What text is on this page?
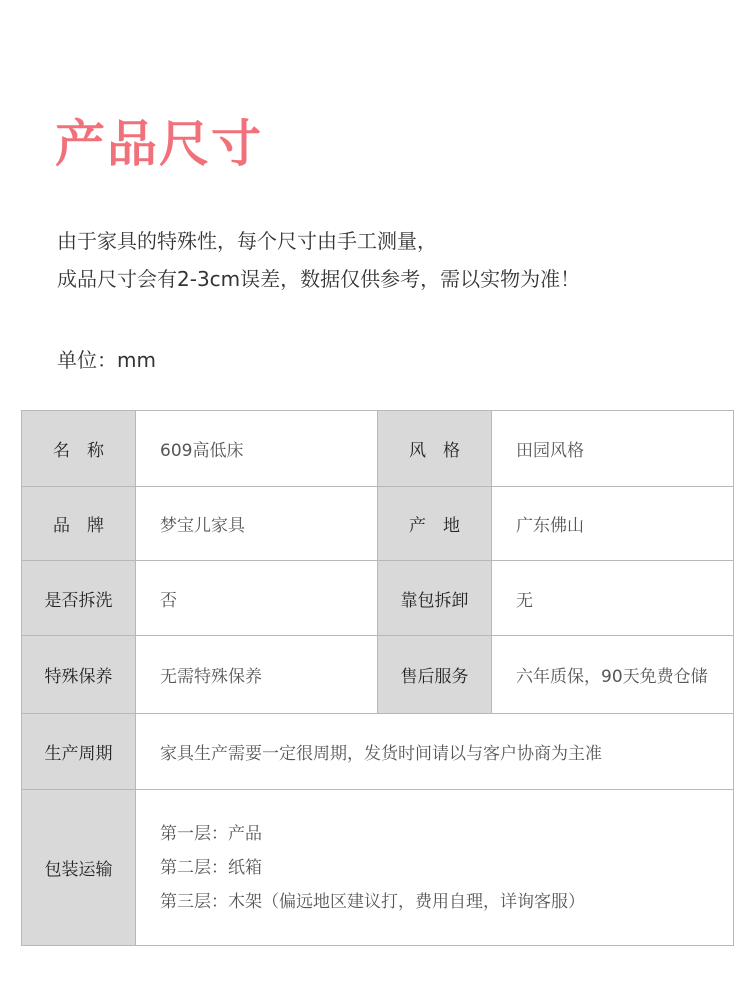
产品尺寸
由于家具的特殊性，每个尺寸由手工测量，
成品尺寸会有2-3cm误差，数据仅供参考，需以实物为准！
单位：mm
名　称	609高低床	风　格	田园风格
品　牌	梦宝儿家具	产　地	广东佛山
是否拆洗	否	靠包拆卸	无
特殊保养	无需特殊保养	售后服务	六年质保，90天免费仓储
生产周期	家具生产需要一定很周期，发货时间请以与客户协商为主准		
包装运输	第一层：产品
第二层：纸箱
第三层：木架（偏远地区建议打，费用自理，详询客服）		
